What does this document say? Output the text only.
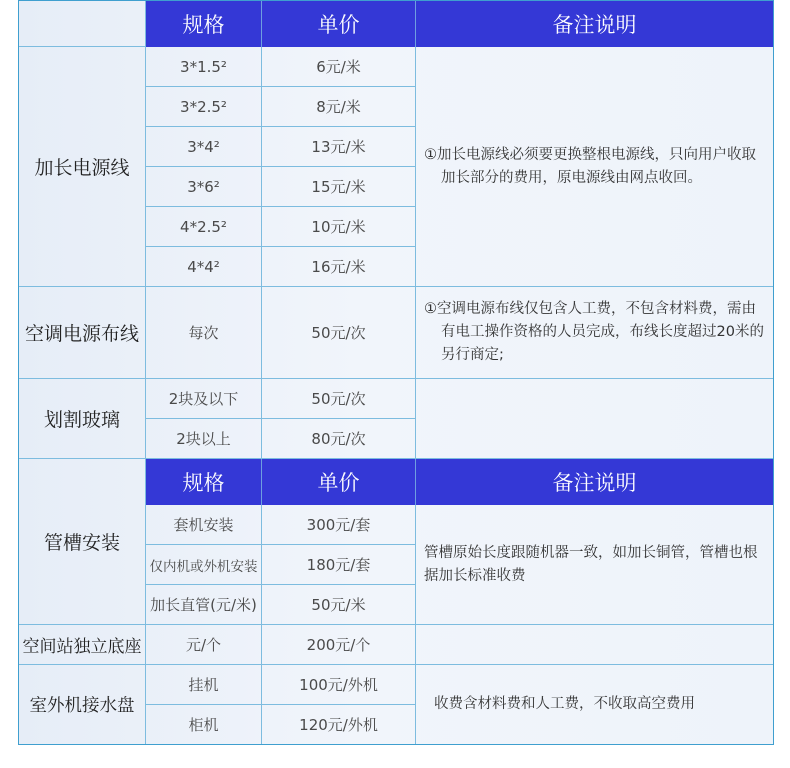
规格	单价	备注说明
加长电源线
3*1.5²	6元/米
3*2.5²	8元/米
3*4²	13元/米
3*6²	15元/米
4*2.5²	10元/米
4*4²	16元/米
①加长电源线必须要更换整根电源线，只向用户收取加长部分的费用，原电源线由网点收回。
空调电源布线	每次	50元/次
①空调电源布线仅包含人工费，不包含材料费，需由有电工操作资格的人员完成，布线长度超过20米的另行商定;
划割玻璃
2块及以下	50元/次
2块以上	80元/次
管槽安装
规格	单价	备注说明
套机安装	300元/套
仅内机或外机安装	180元/套
加长直管(元/米)	50元/米
管槽原始长度跟随机器一致，如加长铜管，管槽也根据加长标准收费
空间站独立底座	元/个	200元/个
室外机接水盘
挂机	100元/外机
柜机	120元/外机
收费含材料费和人工费，不收取高空费用
